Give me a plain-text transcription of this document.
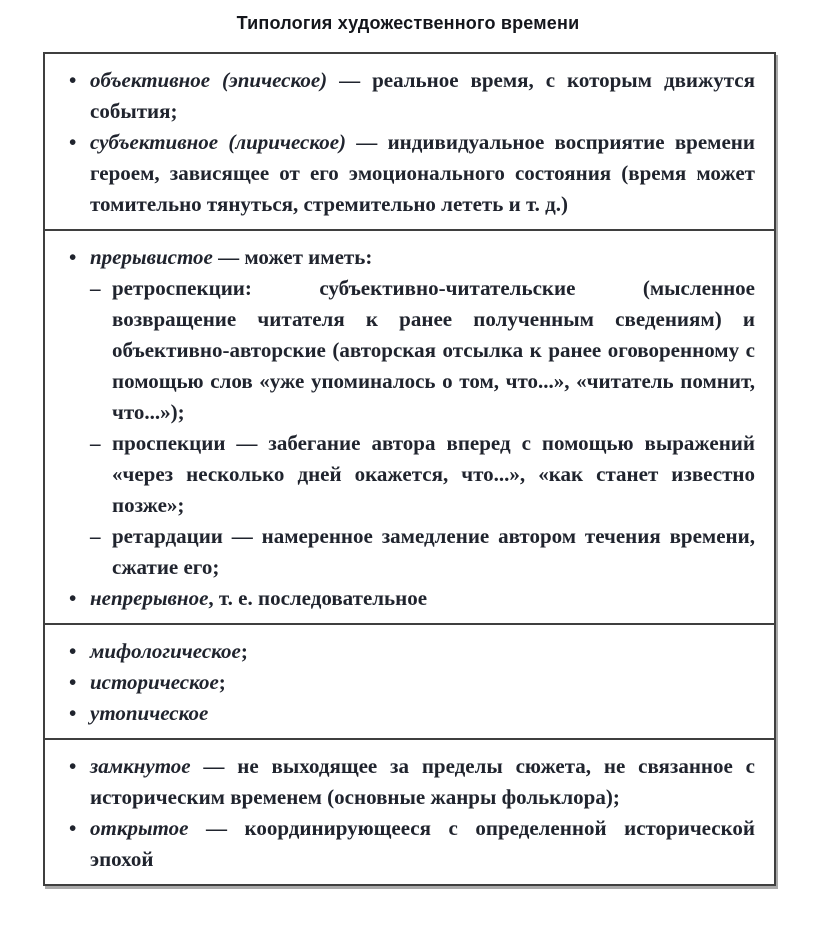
Типология художественного времени
• объективное (эпическое) — реальное время, с которым движутся события;
• субъективное (лирическое) — индивидуальное восприятие времени героем, зависящее от его эмоционального состояния (время может томительно тянуться, стремительно лететь и т. д.)
• прерывистое — может иметь:
– ретроспекции: субъективно-читательские (мысленное возвращение читателя к ранее полученным сведениям) и объективно-авторские (авторская отсылка к ранее оговоренному с помощью слов «уже упоминалось о том, что...», «читатель помнит, что...»);
– проспекции — забегание автора вперед с помощью выражений «через несколько дней окажется, что...», «как станет известно позже»;
– ретардации — намеренное замедление автором течения времени, сжатие его;
• непрерывное, т. е. последовательное
• мифологическое;
• историческое;
• утопическое
• замкнутое — не выходящее за пределы сюжета, не связанное с историческим временем (основные жанры фольклора);
• открытое — координирующееся с определенной исторической эпохой
